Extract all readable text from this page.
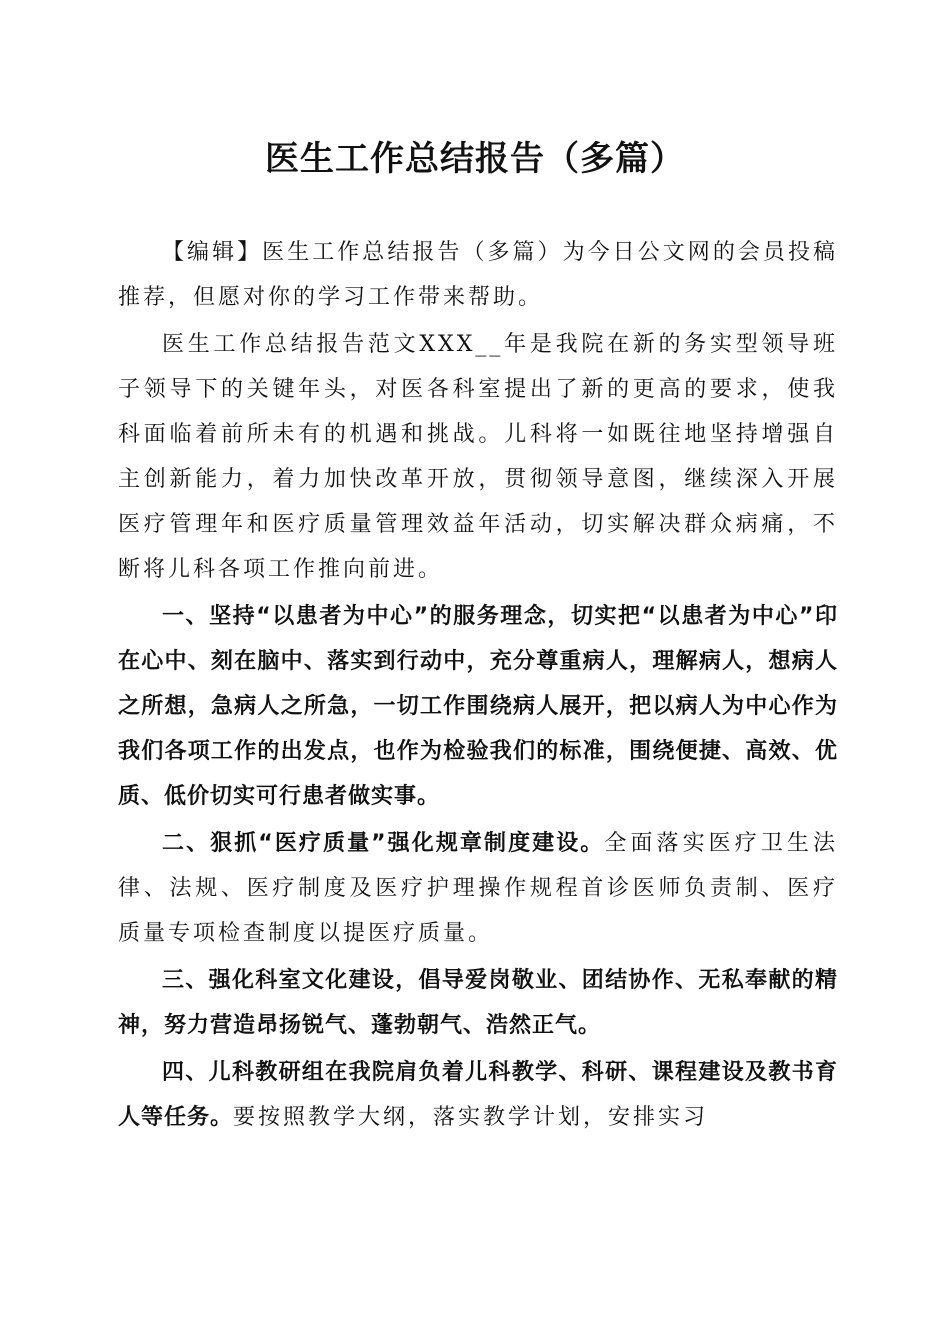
医生工作总结报告（多篇）

【编辑】医生工作总结报告（多篇）为今日公文网的会员投稿推荐，但愿对你的学习工作带来帮助。

医生工作总结报告范文XXX__年是我院在新的务实型领导班子领导下的关键年头，对医各科室提出了新的更高的要求，使我科面临着前所未有的机遇和挑战。儿科将一如既往地坚持增强自主创新能力，着力加快改革开放，贯彻领导意图，继续深入开展医疗管理年和医疗质量管理效益年活动，切实解决群众病痛，不断将儿科各项工作推向前进。

一、坚持“以患者为中心”的服务理念，切实把“以患者为中心”印在心中、刻在脑中、落实到行动中，充分尊重病人，理解病人，想病人之所想，急病人之所急，一切工作围绕病人展开，把以病人为中心作为我们各项工作的出发点，也作为检验我们的标准，围绕便捷、高效、优质、低价切实可行患者做实事。

二、狠抓“医疗质量”强化规章制度建设。全面落实医疗卫生法律、法规、医疗制度及医疗护理操作规程首诊医师负责制、医疗质量专项检查制度以提医疗质量。

三、强化科室文化建设，倡导爱岗敬业、团结协作、无私奉献的精神，努力营造昂扬锐气、蓬勃朝气、浩然正气。

四、儿科教研组在我院肩负着儿科教学、科研、课程建设及教书育人等任务。要按照教学大纲，落实教学计划，安排实习
